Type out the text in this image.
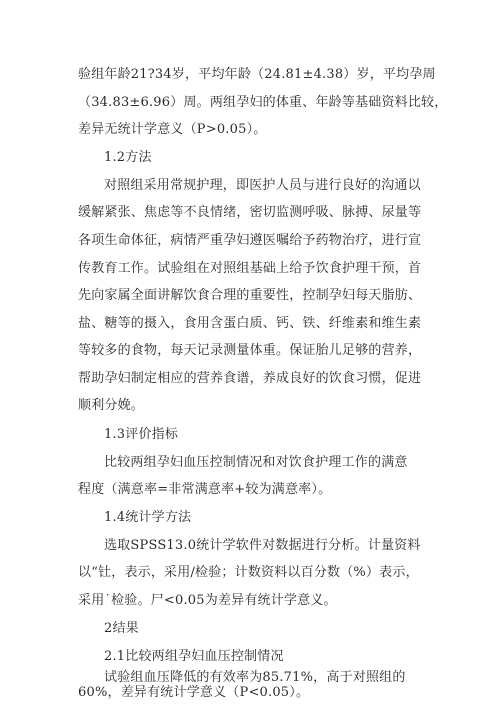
验组年龄21?34岁，平均年龄（24.81±4.38）岁，平均孕周
（34.83±6.96）周。两组孕妇的体重、年龄等基础资料比较，
差异无统计学意义（P>0.05）。
1.2方法
对照组采用常规护理，即医护人员与进行良好的沟通以
缓解紧张、焦虑等不良情绪，密切监测呼吸、脉搏、尿量等
各项生命体征，病情严重孕妇遵医嘱给予药物治疗，进行宣
传教育工作。试验组在对照组基础上给予饮食护理干预，首
先向家属全面讲解饮食合理的重要性，控制孕妇每天脂肪、
盐、糖等的摄入，食用含蛋白质、钙、铁、纤维素和维生素
等较多的食物，每天记录测量体重。保证胎儿足够的营养，
帮助孕妇制定相应的营养食谱，养成良好的饮食习惯，促进
顺利分娩。
1.3评价指标
比较两组孕妇血压控制情况和对饮食护理工作的满意
程度（满意率=非常满意率+较为满意率）。
1.4统计学方法
选取SPSS13.0统计学软件对数据进行分析。计量资料
以“钍，表示，采用/检验；计数资料以百分数（%）表示，
采用˙检验。尸<0.05为差异有统计学意义。
2结果
2.1比较两组孕妇血压控制情况
试验组血压降低的有效率为85.71%，高于对照组的
60%，差异有统计学意义（P<0.05）。
